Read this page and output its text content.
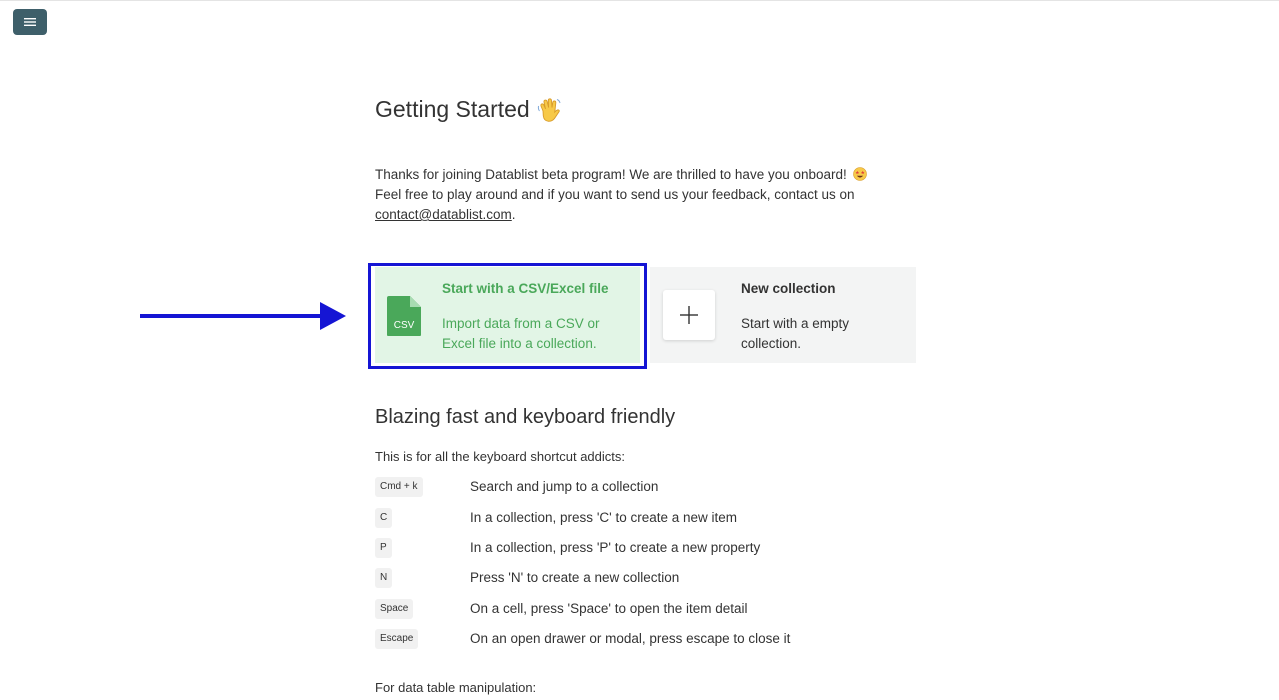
Getting Started
Thanks for joining Datablist beta program! We are thrilled to have you onboard!
Feel free to play around and if you want to send us your feedback, contact us on
contact@datablist.com.
CSV
Start with a CSV/Excel file
Import data from a CSV or Excel file into a collection.
New collection
Start with a empty collection.
Blazing fast and keyboard friendly
This is for all the keyboard shortcut addicts:
Cmd + k	Search and jump to a collection
C	In a collection, press 'C' to create a new item
P	In a collection, press 'P' to create a new property
N	Press 'N' to create a new collection
Space	On a cell, press 'Space' to open the item detail
Escape	On an open drawer or modal, press escape to close it
For data table manipulation:
